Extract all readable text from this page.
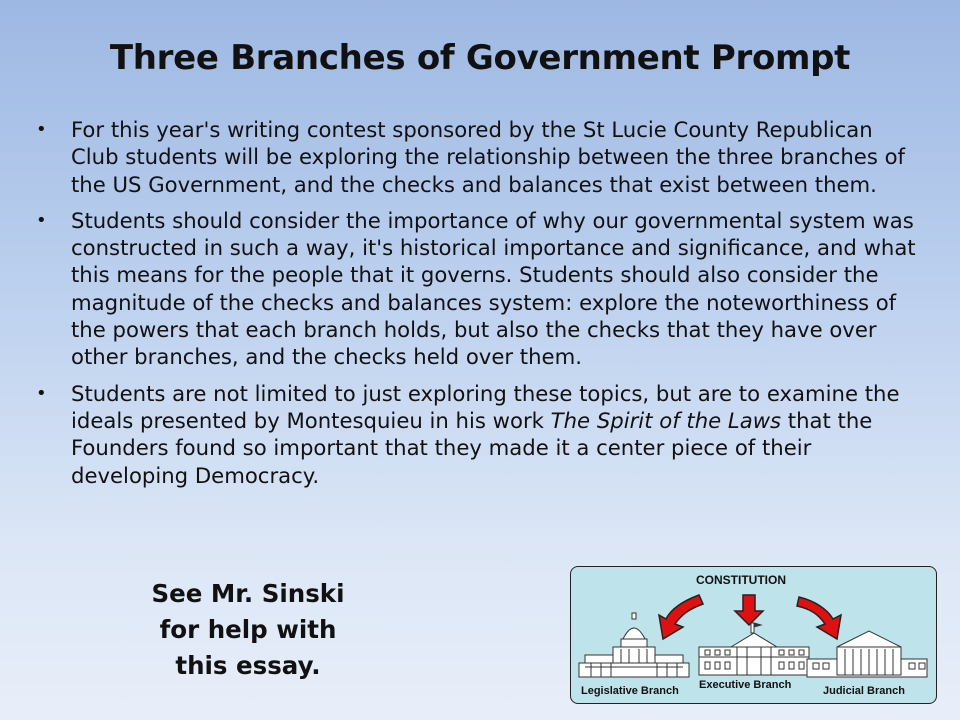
Three Branches of Government Prompt
• For this year's writing contest sponsored by the St Lucie County Republican Club students will be exploring the relationship between the three branches of the US Government, and the checks and balances that exist between them.
• Students should consider the importance of why our governmental system was constructed in such a way, it's historical importance and significance, and what this means for the people that it governs. Students should also consider the magnitude of the checks and balances system: explore the noteworthiness of the powers that each branch holds, but also the checks that they have over other branches, and the checks held over them.
• Students are not limited to just exploring these topics, but are to examine the ideals presented by Montesquieu in his work The Spirit of the Laws that the Founders found so important that they made it a center piece of their developing Democracy.
See Mr. Sinski
for help with
this essay.
CONSTITUTION
Legislative Branch Executive Branch	Judicial Branch
